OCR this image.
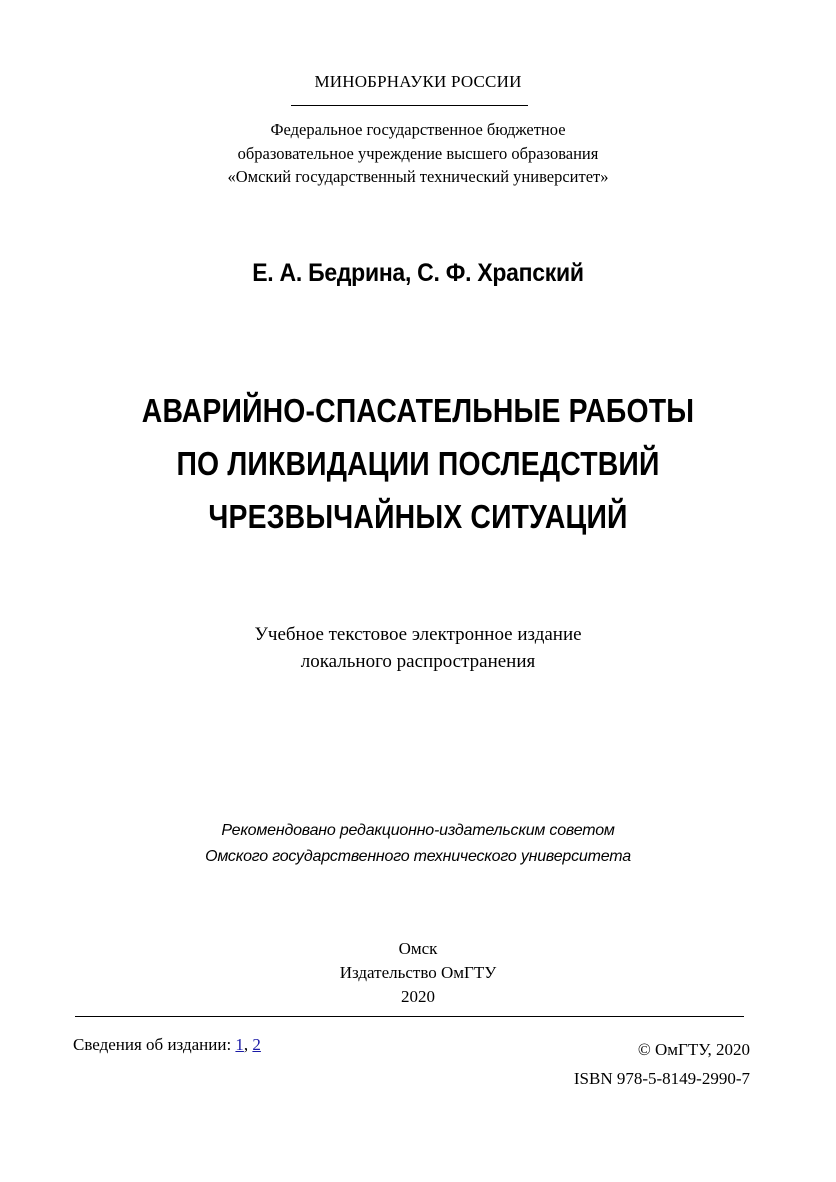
МИНОБРНАУКИ РОССИИ
Федеральное государственное бюджетное
образовательное учреждение высшего образования
«Омский государственный технический университет»
Е. А. Бедрина, С. Ф. Храпский
АВАРИЙНО-СПАСАТЕЛЬНЫЕ РАБОТЫ
ПО ЛИКВИДАЦИИ ПОСЛЕДСТВИЙ
ЧРЕЗВЫЧАЙНЫХ СИТУАЦИЙ
Учебное текстовое электронное издание
локального распространения
Рекомендовано редакционно-издательским советом
Омского государственного технического университета
Омск
Издательство ОмГТУ
2020
Сведения об издании: 1, 2	© ОмГТУ, 2020
ISBN 978-5-8149-2990-7
